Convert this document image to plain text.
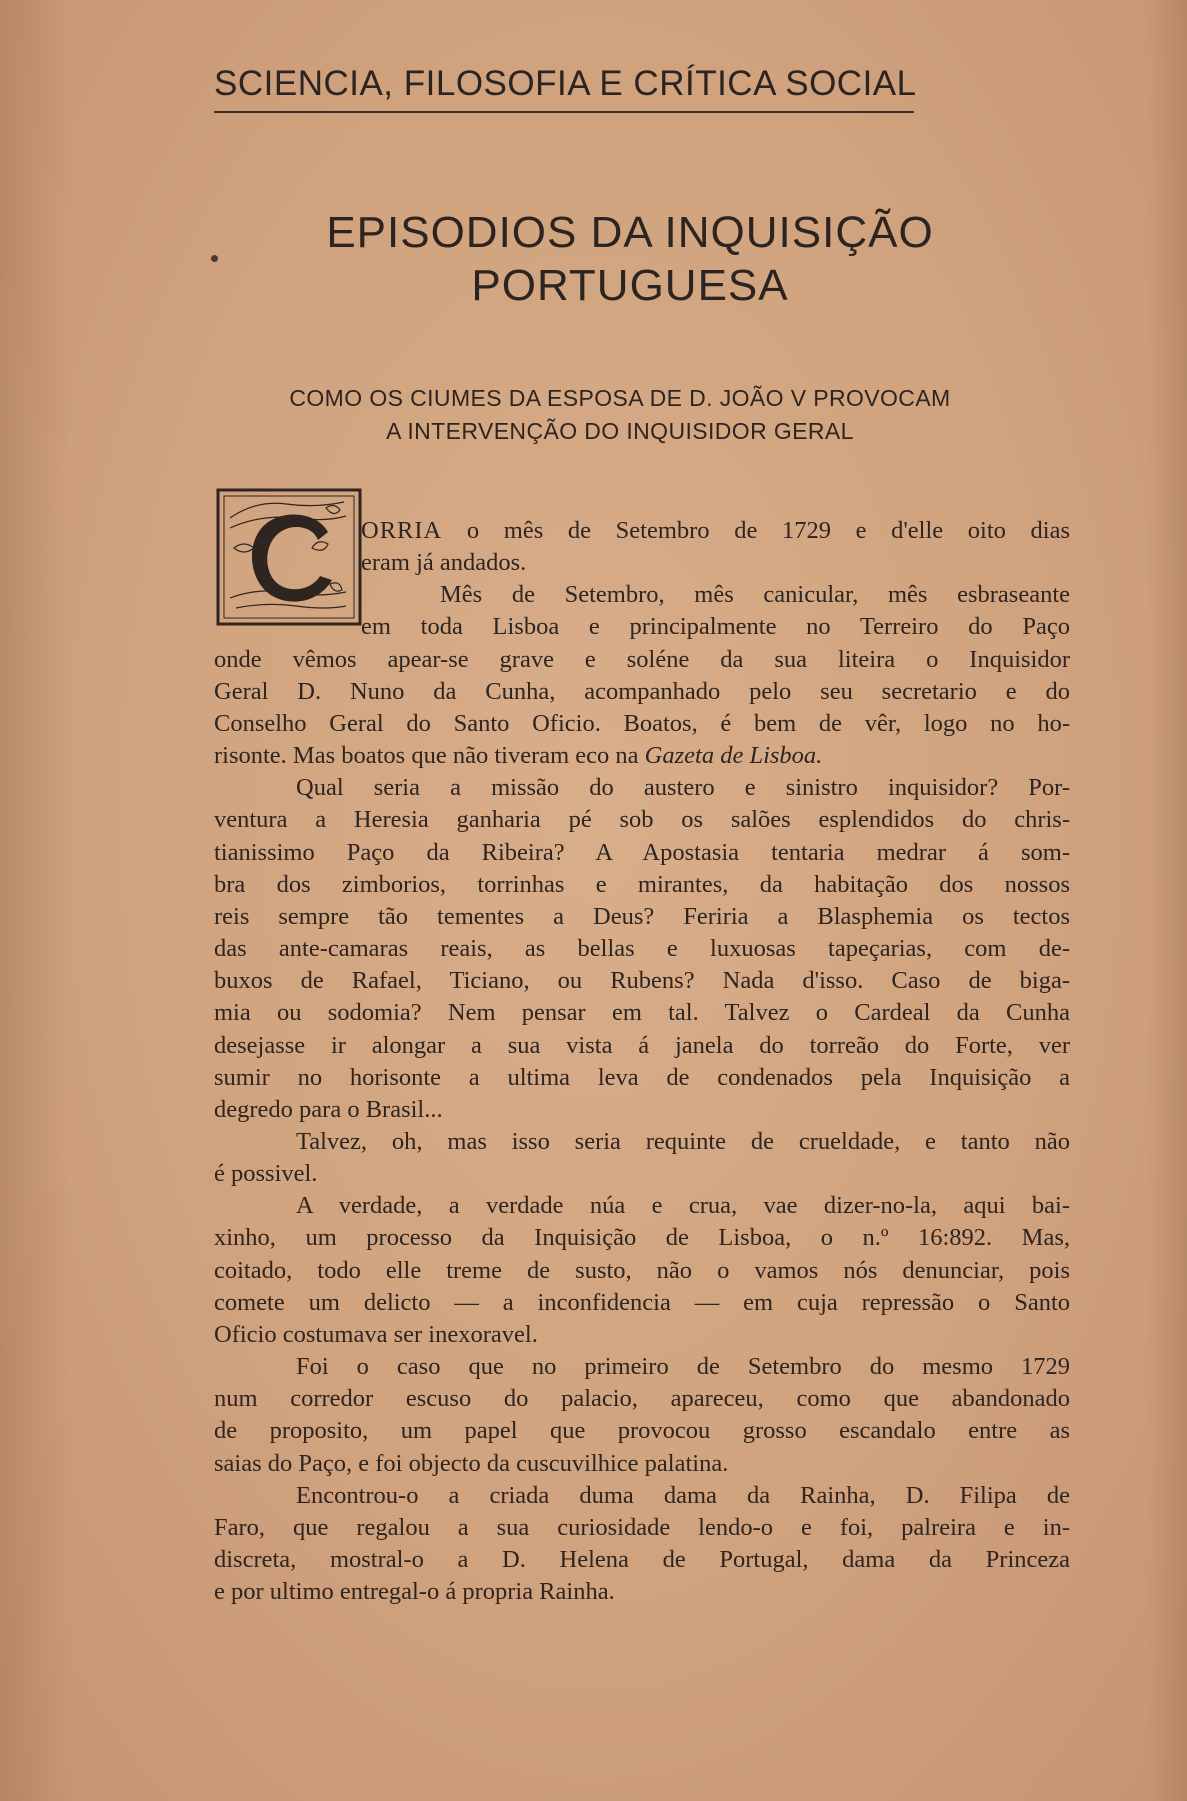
SCIENCIA, FILOSOFIA E CRÍTICA SOCIAL
EPISODIOS DA INQUISIÇÃO
PORTUGUESA
COMO OS CIUMES DA ESPOSA DE D. JOÃO V PROVOCAM
A INTERVENÇÃO DO INQUISIDOR GERAL
ORRIA o mês de Setembro de 1729 e d'elle oito dias
eram já andados.
Mês de Setembro, mês canicular, mês esbraseante
em toda Lisboa e principalmente no Terreiro do Paço
onde vêmos apear-se grave e soléne da sua liteira o Inquisidor
Geral D. Nuno da Cunha, acompanhado pelo seu secretario e do
Conselho Geral do Santo Oficio. Boatos, é bem de vêr, logo no ho-
risonte. Mas boatos que não tiveram eco na Gazeta de Lisboa.
Qual seria a missão do austero e sinistro inquisidor? Por-
ventura a Heresia ganharia pé sob os salões esplendidos do chris-
tianissimo Paço da Ribeira? A Apostasia tentaria medrar á som-
bra dos zimborios, torrinhas e mirantes, da habitação dos nossos
reis sempre tão tementes a Deus? Feriria a Blasphemia os tectos
das ante-camaras reais, as bellas e luxuosas tapeçarias, com de-
buxos de Rafael, Ticiano, ou Rubens? Nada d'isso. Caso de biga-
mia ou sodomia? Nem pensar em tal. Talvez o Cardeal da Cunha
desejasse ir alongar a sua vista á janela do torreão do Forte, ver
sumir no horisonte a ultima leva de condenados pela Inquisição a
degredo para o Brasil...
Talvez, oh, mas isso seria requinte de crueldade, e tanto não
é possivel.
A verdade, a verdade núa e crua, vae dizer-no-la, aqui bai-
xinho, um processo da Inquisição de Lisboa, o n.º 16:892. Mas,
coitado, todo elle treme de susto, não o vamos nós denunciar, pois
comete um delicto — a inconfidencia — em cuja repressão o Santo
Oficio costumava ser inexoravel.
Foi o caso que no primeiro de Setembro do mesmo 1729
num corredor escuso do palacio, apareceu, como que abandonado
de proposito, um papel que provocou grosso escandalo entre as
saias do Paço, e foi objecto da cuscuvilhice palatina.
Encontrou-o a criada duma dama da Rainha, D. Filipa de
Faro, que regalou a sua curiosidade lendo-o e foi, palreira e in-
discreta, mostral-o a D. Helena de Portugal, dama da Princeza
e por ultimo entregal-o á propria Rainha.
